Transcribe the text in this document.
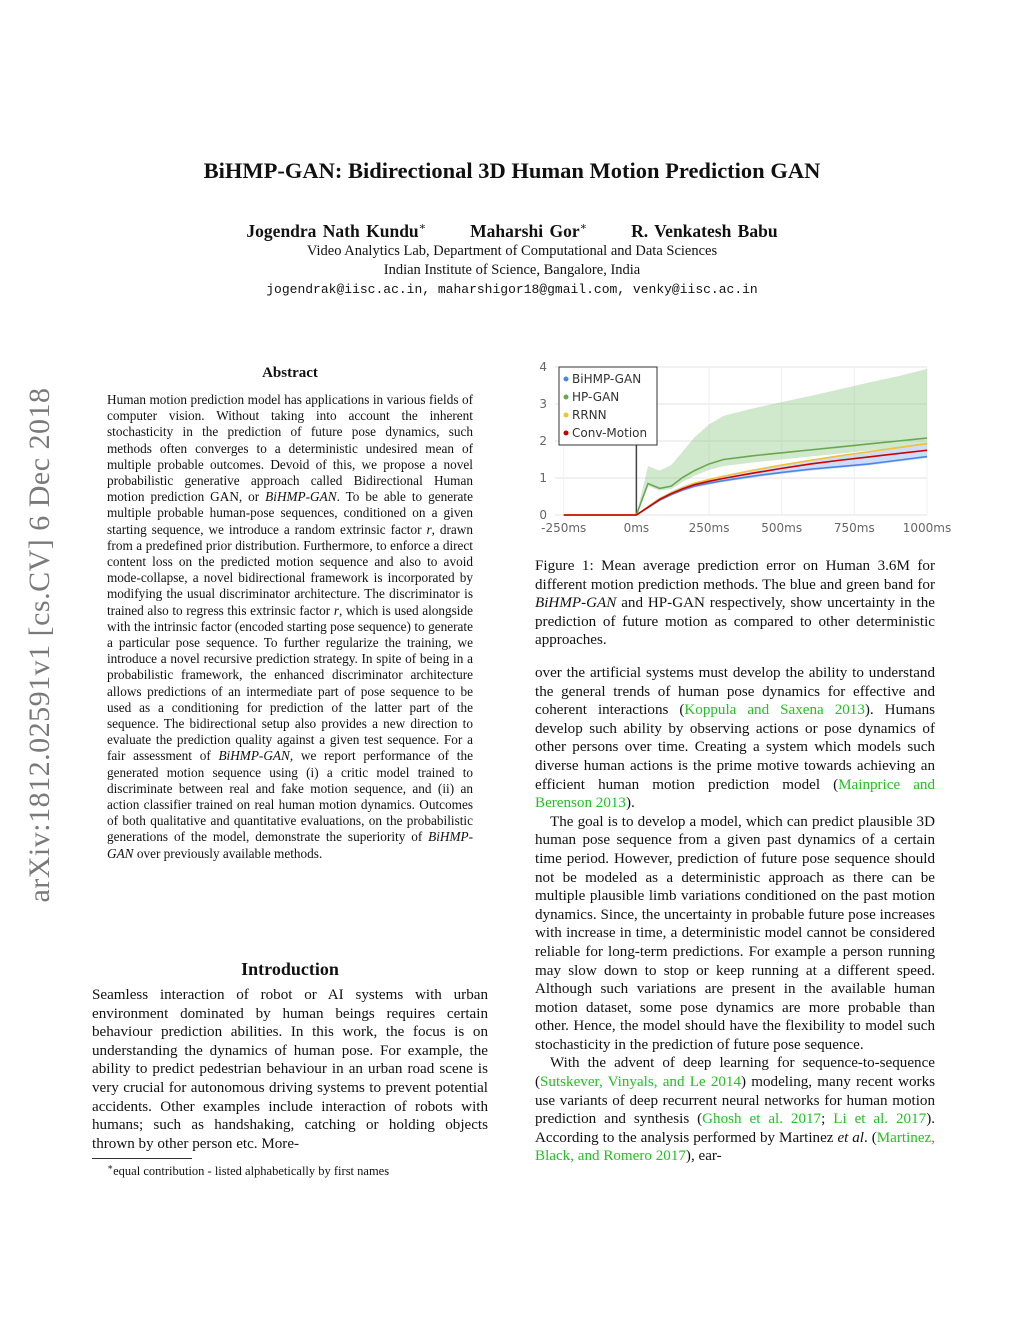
arXiv:1812.02591v1 [cs.CV] 6 Dec 2018
BiHMP-GAN: Bidirectional 3D Human Motion Prediction GAN
Jogendra Nath Kundu∗	Maharshi Gor∗	R. Venkatesh Babu
Video Analytics Lab, Department of Computational and Data Sciences
Indian Institute of Science, Bangalore, India
jogendrak@iisc.ac.in, maharshigor18@gmail.com, venky@iisc.ac.in
Abstract
Human motion prediction model has applications in various fields of computer vision. Without taking into account the inherent stochasticity in the prediction of future pose dynamics, such methods often converges to a deterministic undesired mean of multiple probable outcomes. Devoid of this, we propose a novel probabilistic generative approach called Bidirectional Human motion prediction GAN, or BiHMP-GAN. To be able to generate multiple probable human-pose sequences, conditioned on a given starting sequence, we introduce a random extrinsic factor r, drawn from a predefined prior distribution. Furthermore, to enforce a direct content loss on the predicted motion sequence and also to avoid mode-collapse, a novel bidirectional framework is incorporated by modifying the usual discriminator architecture. The discriminator is trained also to regress this extrinsic factor r, which is used alongside with the intrinsic factor (encoded starting pose sequence) to generate a particular pose sequence. To further regularize the training, we introduce a novel recursive prediction strategy. In spite of being in a probabilistic framework, the enhanced discriminator architecture allows predictions of an intermediate part of pose sequence to be used as a conditioning for prediction of the latter part of the sequence. The bidirectional setup also provides a new direction to evaluate the prediction quality against a given test sequence. For a fair assessment of BiHMP-GAN, we report performance of the generated motion sequence using (i) a critic model trained to discriminate between real and fake motion sequence, and (ii) an action classifier trained on real human motion dynamics. Outcomes of both qualitative and quantitative evaluations, on the probabilistic generations of the model, demonstrate the superiority of BiHMP-GAN over previously available methods.
Introduction

Seamless interaction of robot or AI systems with urban environment dominated by human beings requires certain behaviour prediction abilities. In this work, the focus is on understanding the dynamics of human pose. For example, the ability to predict pedestrian behaviour in an urban road scene is very crucial for autonomous driving systems to prevent potential accidents. Other examples include interaction of robots with humans; such as handshaking, catching or holding objects thrown by other person etc. More-

∗equal contribution - listed alphabetically by first names
0
1
2
3
4
-250ms	0ms	250ms	500ms	750ms 1000ms
BiHMP-GAN
HP-GAN
RRNN
Conv-Motion
Figure 1: Mean average prediction error on Human 3.6M for different motion prediction methods. The blue and green band for BiHMP-GAN and HP-GAN respectively, show uncertainty in the prediction of future motion as compared to other deterministic approaches.

over the artificial systems must develop the ability to understand the general trends of human pose dynamics for effective and coherent interactions (Koppula and Saxena 2013). Humans develop such ability by observing actions or pose dynamics of other persons over time. Creating a system which models such diverse human actions is the prime motive towards achieving an efficient human motion prediction model (Mainprice and Berenson 2013).

The goal is to develop a model, which can predict plausible 3D human pose sequence from a given past dynamics of a certain time period. However, prediction of future pose sequence should not be modeled as a deterministic approach as there can be multiple plausible limb variations conditioned on the past motion dynamics. Since, the uncertainty in probable future pose increases with increase in time, a deterministic model cannot be considered reliable for long-term predictions. For example a person running may slow down to stop or keep running at a different speed. Although such variations are present in the available human motion dataset, some pose dynamics are more probable than other. Hence, the model should have the flexibility to model such stochasticity in the prediction of future pose sequence.

With the advent of deep learning for sequence-to-sequence (Sutskever, Vinyals, and Le 2014) modeling, many recent works use variants of deep recurrent neural networks for human motion prediction and synthesis (Ghosh et al. 2017; Li et al. 2017). According to the analysis performed by Martinez et al. (Martinez, Black, and Romero 2017), ear-
